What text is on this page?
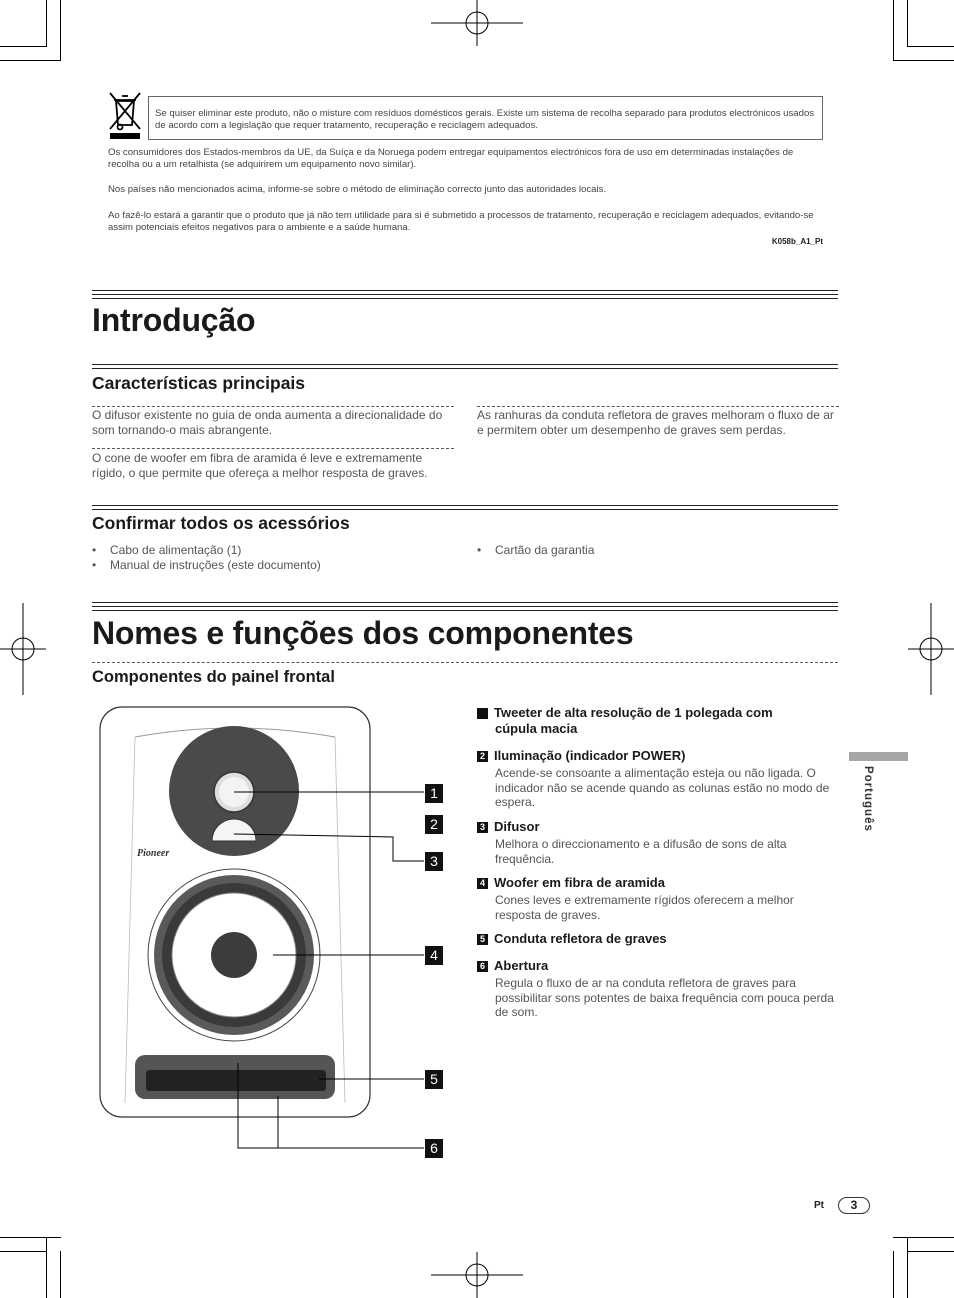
Se quiser eliminar este produto, não o misture com resíduos domésticos gerais. Existe um sistema de recolha separado para produtos electrónicos usados de acordo com a legislação que requer tratamento, recuperação e reciclagem adequados.
Os consumidores dos Estados-membros da UE, da Suíça e da Noruega podem entregar equipamentos electrónicos fora de uso em determinadas instalações de recolha ou a um retalhista (se adquirirem um equipamento novo similar).
Nos países não mencionados acima, informe-se sobre o método de eliminação correcto junto das autoridades locais.
Ao fazê-lo estará a garantir que o produto que já não tem utilidade para si é submetido a processos de tratamento, recuperação e reciclagem adequados, evitando-se assim potenciais efeitos negativos para o ambiente e a saúde humana.
K058b_A1_Pt
Introdução
Características principais
O difusor existente no guia de onda aumenta a direcionalidade do som tornando-o mais abrangente.
O cone de woofer em fibra de aramida é leve e extremamente rígido, o que permite que ofereça a melhor resposta de graves.
As ranhuras da conduta refletora de graves melhoram o fluxo de ar e permitem obter um desempenho de graves sem perdas.
Confirmar todos os acessórios
• Cabo de alimentação (1)
• Manual de instruções (este documento)
• Cartão da garantia
Nomes e funções dos componentes
Componentes do painel frontal
Pioneer
1
2
3
4
5
6
1 Tweeter de alta resolução de 1 polegada com cúpula macia
2 Iluminação (indicador POWER)
Acende-se consoante a alimentação esteja ou não ligada. O indicador não se acende quando as colunas estão no modo de espera.
3 Difusor
Melhora o direccionamento e a difusão de sons de alta frequência.
4 Woofer em fibra de aramida
Cones leves e extremamente rígidos oferecem a melhor resposta de graves.
5 Conduta refletora de graves
6 Abertura
Regula o fluxo de ar na conduta refletora de graves para possibilitar sons potentes de baixa frequência com pouca perda de som.
Português
Pt	3
